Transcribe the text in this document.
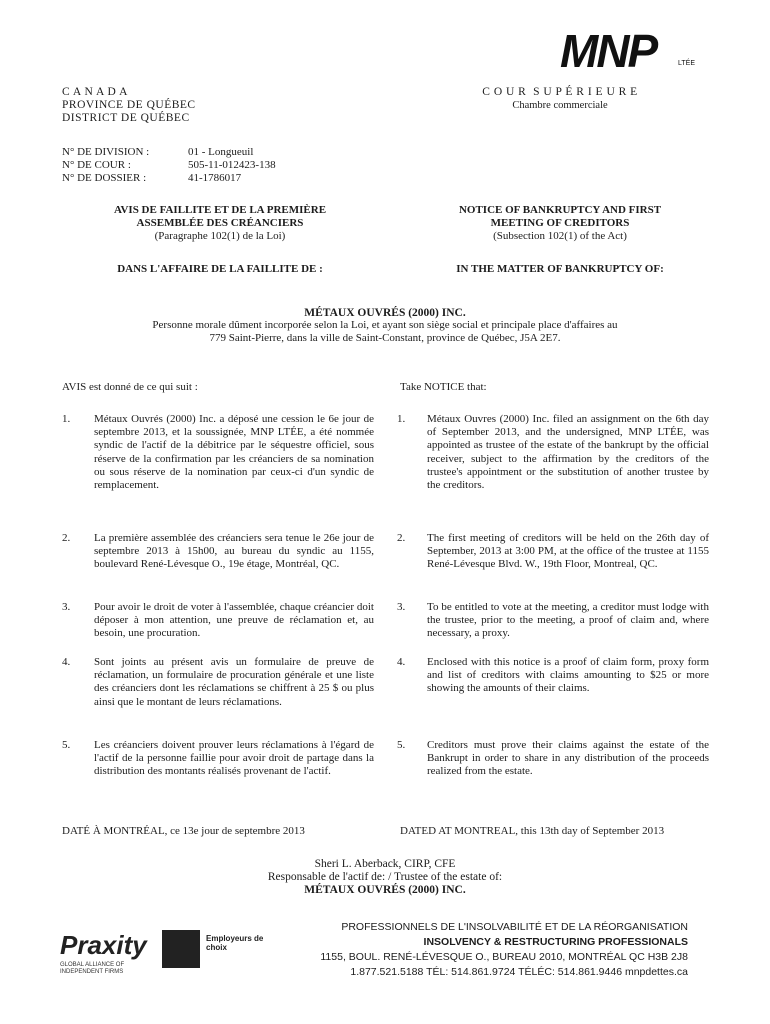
MNP	LTÉE
C A N A D A
PROVINCE DE QUÉBEC
DISTRICT DE QUÉBEC
C O U R  S U P É R I E U R E
Chambre commerciale
N° DE DIVISION :	01 - Longueuil
N° DE COUR :	505-11-012423-138
N° DE DOSSIER :	41-1786017
AVIS DE FAILLITE ET DE LA PREMIÈRE
ASSEMBLÉE DES CRÉANCIERS
(Paragraphe 102(1) de la Loi)
NOTICE OF BANKRUPTCY AND FIRST
MEETING OF CREDITORS
(Subsection 102(1) of the Act)
DANS L'AFFAIRE DE LA FAILLITE DE :	IN THE MATTER OF BANKRUPTCY OF:
MÉTAUX OUVRÉS (2000) INC.
Personne morale dûment incorporée selon la Loi, et ayant son siège social et principale place d'affaires au
779 Saint-Pierre, dans la ville de Saint-Constant, province de Québec, J5A 2E7.
AVIS est donné de ce qui suit :	Take NOTICE that:
1. Métaux Ouvrés (2000) Inc. a déposé une cession le 6e jour de septembre 2013, et la soussignée, MNP LTÉE, a été nommée syndic de l'actif de la débitrice par le séquestre officiel, sous réserve de la confirmation par les créanciers de sa nomination ou sous réserve de la nomination par ceux-ci d'un syndic de remplacement.
1. Métaux Ouvres (2000) Inc. filed an assignment on the 6th day of September 2013, and the undersigned, MNP LTÉE, was appointed as trustee of the estate of the bankrupt by the official receiver, subject to the affirmation by the creditors of the trustee's appointment or the substitution of another trustee by the creditors.
2. La première assemblée des créanciers sera tenue le 26e jour de septembre 2013 à 15h00, au bureau du syndic au 1155, boulevard René-Lévesque O., 19e étage, Montréal, QC.
2. The first meeting of creditors will be held on the 26th day of September, 2013 at 3:00 PM, at the office of the trustee at 1155 René-Lévesque Blvd. W., 19th Floor, Montreal, QC.
3. Pour avoir le droit de voter à l'assemblée, chaque créancier doit déposer à mon attention, une preuve de réclamation et, au besoin, une procuration.
3. To be entitled to vote at the meeting, a creditor must lodge with the trustee, prior to the meeting, a proof of claim and, where necessary, a proxy.
4. Sont joints au présent avis un formulaire de preuve de réclamation, un formulaire de procuration générale et une liste des créanciers dont les réclamations se chiffrent à 25 $ ou plus ainsi que le montant de leurs réclamations.
4. Enclosed with this notice is a proof of claim form, proxy form and list of creditors with claims amounting to $25 or more showing the amounts of their claims.
5. Les créanciers doivent prouver leurs réclamations à l'égard de l'actif de la personne faillie pour avoir droit de partage dans la distribution des montants réalisés provenant de l'actif.
5. Creditors must prove their claims against the estate of the Bankrupt in order to share in any distribution of the proceeds realized from the estate.
DATÉ À MONTRÉAL, ce 13e jour de septembre 2013	DATED AT MONTREAL, this 13th day of September 2013
Sheri L. Aberback, CIRP, CFE
Responsable de l'actif de: / Trustee of the estate of:
MÉTAUX OUVRÉS (2000) INC.
Praxity
GLOBAL ALLIANCE OF INDEPENDENT FIRMS
Employeurs de choix
PROFESSIONNELS DE L'INSOLVABILITÉ ET DE LA RÉORGANISATION
INSOLVENCY & RESTRUCTURING PROFESSIONALS
1155, BOUL. RENÉ-LÉVESQUE O., BUREAU 2010, MONTRÉAL QC H3B 2J8
1.877.521.5188 TÉL: 514.861.9724 TÉLÉC: 514.861.9446 mnpdettes.ca
